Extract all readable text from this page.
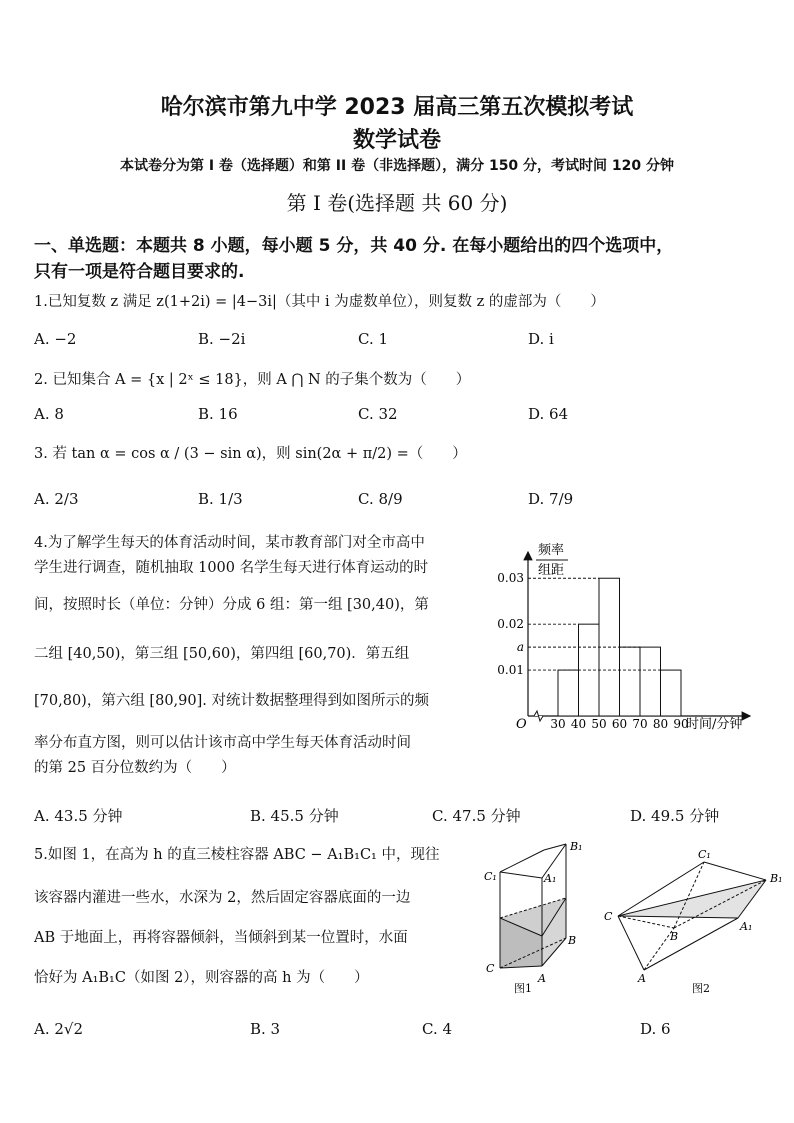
哈尔滨市第九中学 2023 届高三第五次模拟考试
数学试卷
本试卷分为第 I 卷（选择题）和第 II 卷（非选择题），满分 150 分，考试时间 120 分钟
第 I 卷(选择题 共 60 分)
一、单选题：本题共 8 小题，每小题 5 分，共 40 分. 在每小题给出的四个选项中，
只有一项是符合题目要求的.
1.已知复数 z 满足 z(1+2i) = |4−3i|（其中 i 为虚数单位），则复数 z 的虚部为（　　）
A. −2	B. −2i	C. 1	D. i
2. 已知集合 A = {x | 2ˣ ≤ 18}，则 A ⋂ N 的子集个数为（　　）
A. 8	B. 16	C. 32	D. 64
3. 若 tan α = cos α / (3 − sin α)，则 sin(2α + π/2) =（　　）
A. 2/3	B. 1/3	C. 8/9	D. 7/9
4.为了解学生每天的体育活动时间，某市教育部门对全市高中
学生进行调查，随机抽取 1000 名学生每天进行体育运动的时
间，按照时长（单位：分钟）分成 6 组：第一组 [30,40)，第
二组 [40,50)，第三组 [50,60)，第四组 [60,70)．第五组
[70,80)，第六组 [80,90]. 对统计数据整理得到如图所示的频
率分布直方图，则可以估计该市高中学生每天体育活动时间
的第 25 百分位数约为（　　）
A. 43.5 分钟	B. 45.5 分钟	C. 47.5 分钟	D. 49.5 分钟
频率
组距
O	时间/分钟
0.03
0.02
a
0.01
30 40 50 60 70 80 90
5.如图 1，在高为 h 的直三棱柱容器 ABC − A₁B₁C₁ 中，现往
该容器内灌进一些水，水深为 2，然后固定容器底面的一边
AB 于地面上，再将容器倾斜，当倾斜到某一位置时，水面
恰好为 A₁B₁C（如图 2），则容器的高 h 为（　　）
A. 2√2	B. 3	C. 4	D. 6
C₁	A₁
B₁
C
A
B
图1
C₁
B₁
C
A₁
B
A
图2
